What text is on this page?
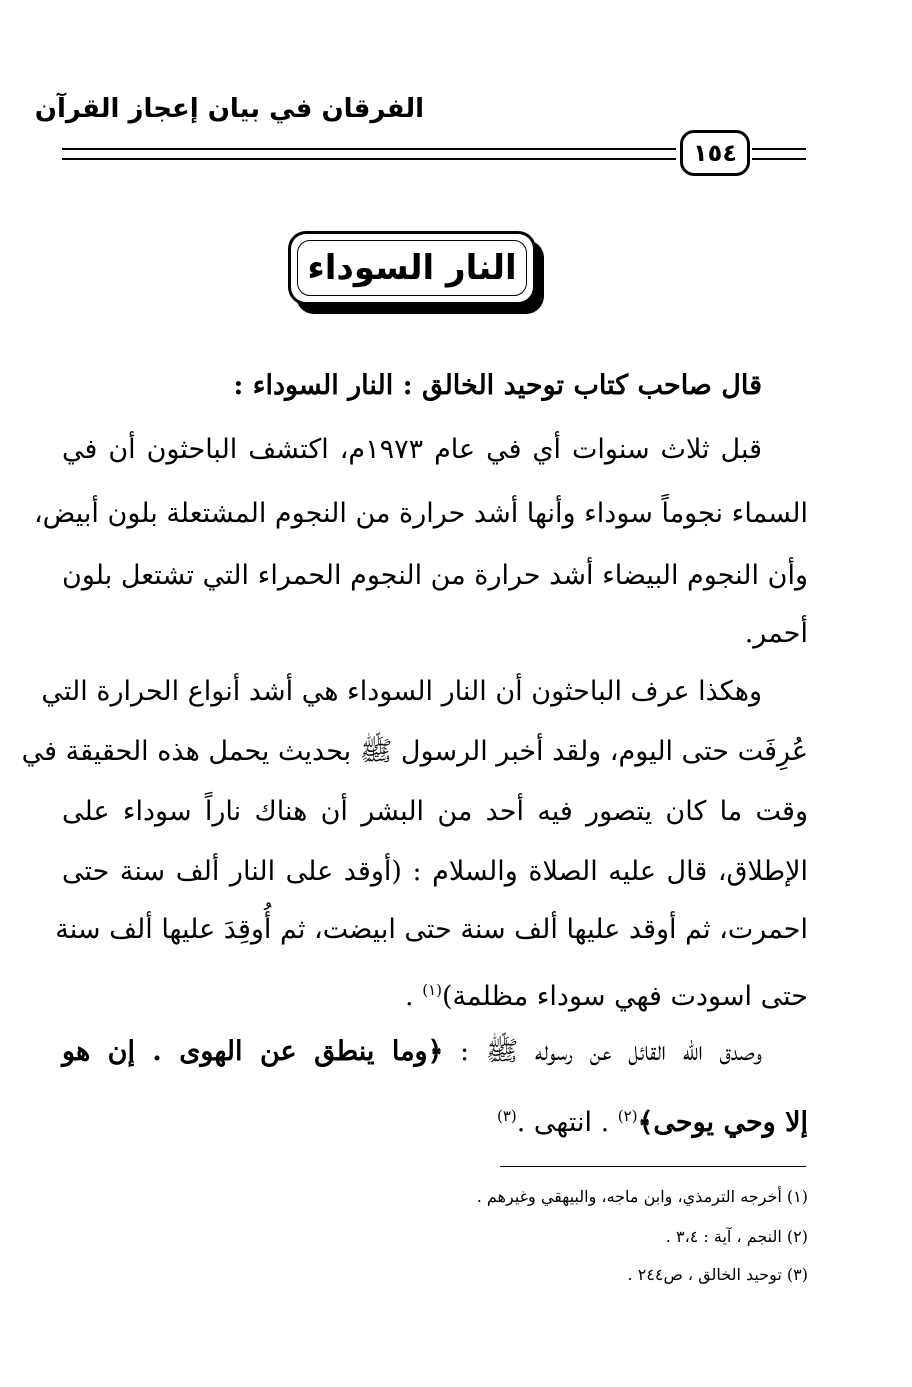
الفرقان في بيان إعجاز القرآن
١٥٤
النار السوداء
قال صاحب كتاب توحيد الخالق : النار السوداء :
قبل ثلاث سنوات أي في عام ١٩٧٣م، اكتشف الباحثون أن في
السماء نجوماً سوداء وأنها أشد حرارة من النجوم المشتعلة بلون أبيض،
وأن النجوم البيضاء أشد حرارة من النجوم الحمراء التي تشتعل بلون
أحمر.
وهكذا عرف الباحثون أن النار السوداء هي أشد أنواع الحرارة التي
عُرِفَت حتى اليوم، ولقد أخبر الرسول ﷺ بحديث يحمل هذه الحقيقة في
وقت ما كان يتصور فيه أحد من البشر أن هناك ناراً سوداء على
الإطلاق، قال عليه الصلاة والسلام : (أوقد على النار ألف سنة حتى
احمرت، ثم أوقد عليها ألف سنة حتى ابيضت، ثم أُوقِدَ عليها ألف سنة
حتى اسودت فهي سوداء مظلمة)$^{(١)}$ .
وصدق الله القائل عن رسوله ﷺ : ﴿وما ينطق عن الهوى . إن هو
إلا وحي يوحى﴾$^{(٢)}$ . انتهى .$^{(٣)}$
(١) أخرجه الترمذي، وابن ماجه، والبيهقي وغيرهم .
(٢) النجم ، آية : ٣،٤ .
(٣) توحيد الخالق ، ص٢٤٤ .
